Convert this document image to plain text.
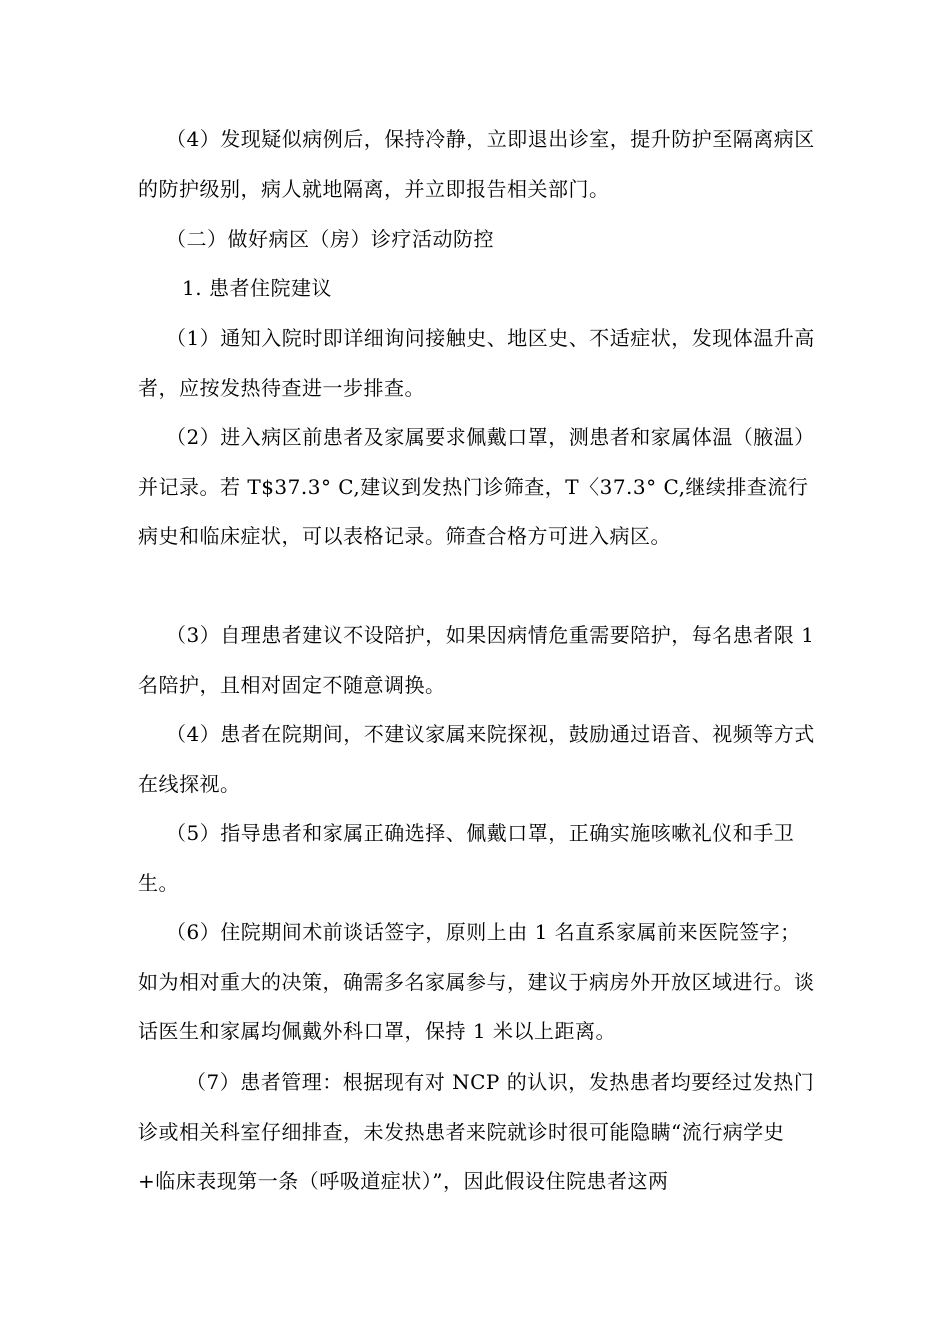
（4）发现疑似病例后，保持冷静，立即退出诊室，提升防护至隔离病区的防护级别，病人就地隔离，并立即报告相关部门。

（二）做好病区（房）诊疗活动防控

1. 患者住院建议

（1）通知入院时即详细询问接触史、地区史、不适症状，发现体温升高者，应按发热待查进一步排查。

（2）进入病区前患者及家属要求佩戴口罩，测患者和家属体温（腋温）并记录。若 T$37.3° C,建议到发热门诊筛查，T〈37.3° C,继续排查流行病史和临床症状，可以表格记录。筛查合格方可进入病区。

（3）自理患者建议不设陪护，如果因病情危重需要陪护，每名患者限 1 名陪护，且相对固定不随意调换。

（4）患者在院期间，不建议家属来院探视，鼓励通过语音、视频等方式在线探视。

（5）指导患者和家属正确选择、佩戴口罩，正确实施咳嗽礼仪和手卫生。

（6）住院期间术前谈话签字，原则上由 1 名直系家属前来医院签字；如为相对重大的决策，确需多名家属参与，建议于病房外开放区域进行。谈话医生和家属均佩戴外科口罩，保持 1 米以上距离。

（7）患者管理：根据现有对 NCP 的认识，发热患者均要经过发热门诊或相关科室仔细排查，未发热患者来院就诊时很可能隐瞒“流行病学史+临床表现第一条（呼吸道症状）”，因此假设住院患者这两
